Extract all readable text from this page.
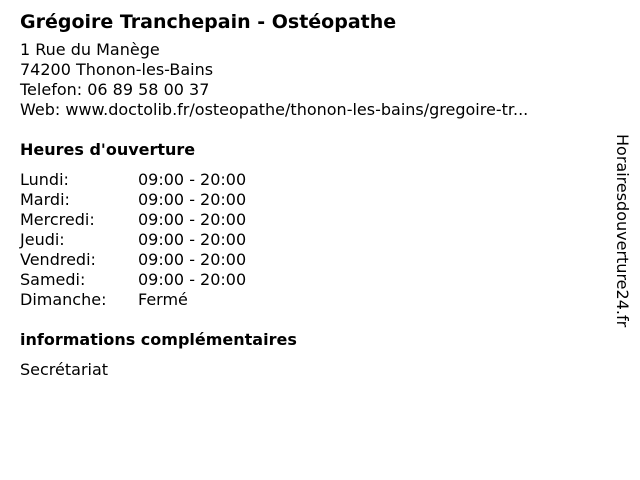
Grégoire Tranchepain - Ostéopathe
1 Rue du Manège
74200 Thonon-les-Bains
Telefon: 06 89 58 00 37
Web: www.doctolib.fr/osteopathe/thonon-les-bains/gregoire-tr...
Heures d'ouverture
Lundi:	09:00 - 20:00
Mardi:	09:00 - 20:00
Mercredi:	09:00 - 20:00
Jeudi:	09:00 - 20:00
Vendredi:	09:00 - 20:00
Samedi:	09:00 - 20:00
Dimanche: Fermé
informations complémentaires
Secrétariat
Horairesdouverture24.fr
